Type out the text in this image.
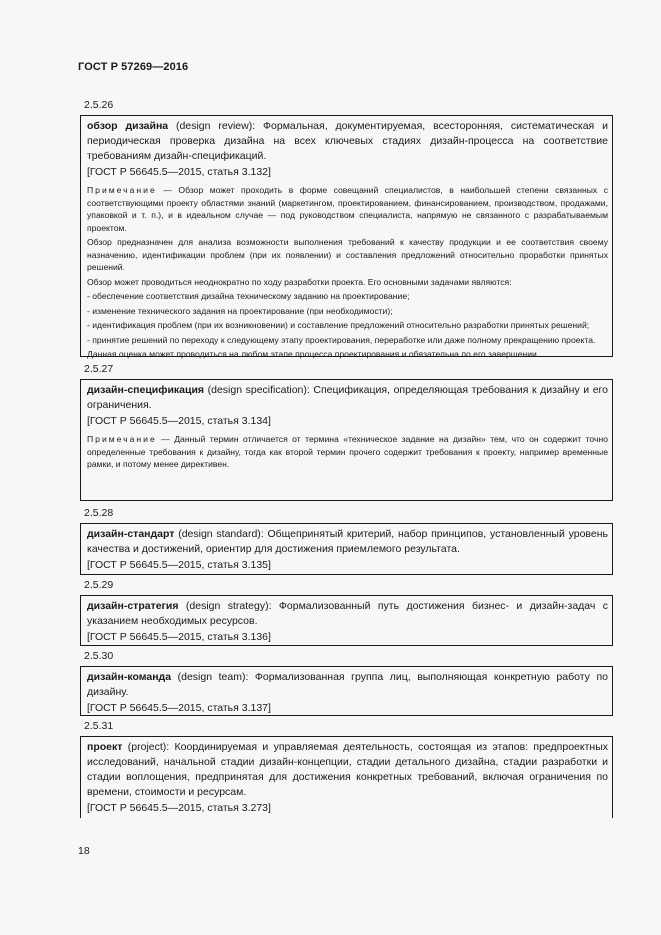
ГОСТ Р 57269—2016
2.5.26

обзор дизайна (design review): Формальная, документируемая, всесторонняя, систематическая и периодическая проверка дизайна на всех ключевых стадиях дизайн-процесса на соответствие требованиям дизайн-спецификаций.

[ГОСТ Р 56645.5—2015, статья 3.132]

Примечание — Обзор может проходить в форме совещаний специалистов, в наибольшей степени связанных с соответствующими проекту областями знаний (маркетингом, проектированием, финансированием, производством, продажами, упаковкой и т. п.), и в идеальном случае — под руководством специалиста, напрямую не связанного с разрабатываемым проектом.

Обзор предназначен для анализа возможности выполнения требований к качеству продукции и ее соответствия своему назначению, идентификации проблем (при их появлении) и составления предложений относительно проработки принятых решений.

Обзор может проводиться неоднократно по ходу разработки проекта. Его основными задачами являются:

- обеспечение соответствия дизайна техническому заданию на проектирование;

- изменение технического задания на проектирование (при необходимости);

- идентификация проблем (при их возникновении) и составление предложений относительно разработки принятых решений;

- принятие решений по переходу к следующему этапу проектирования, переработке или даже полному прекращению проекта.

Данная оценка может проводиться на любом этапе процесса проектирования и обязательна по его завершении.

2.5.27

дизайн-спецификация (design specification): Спецификация, определяющая требования к дизайну и его ограничения.

[ГОСТ Р 56645.5—2015, статья 3.134]

Примечание — Данный термин отличается от термина «техническое задание на дизайн» тем, что он содержит точно определенные требования к дизайну, тогда как второй термин прочего содержит требования к проекту, например временные рамки, и потому менее директивен.

2.5.28

дизайн-стандарт (design standard): Общепринятый критерий, набор принципов, установленный уровень качества и достижений, ориентир для достижения приемлемого результата.

[ГОСТ Р 56645.5—2015, статья 3.135]

2.5.29

дизайн-стратегия (design strategy): Формализованный путь достижения бизнес- и дизайн-задач с указанием необходимых ресурсов.

[ГОСТ Р 56645.5—2015, статья 3.136]

2.5.30

дизайн-команда (design team): Формализованная группа лиц, выполняющая конкретную работу по дизайну.

[ГОСТ Р 56645.5—2015, статья 3.137]

2.5.31

проект (project): Координируемая и управляемая деятельность, состоящая из этапов: предпроектных исследований, начальной стадии дизайн-концепции, стадии детального дизайна, стадии разработки и стадии воплощения, предпринятая для достижения конкретных требований, включая ограничения по времени, стоимости и ресурсам.

[ГОСТ Р 56645.5—2015, статья 3.273]

18
